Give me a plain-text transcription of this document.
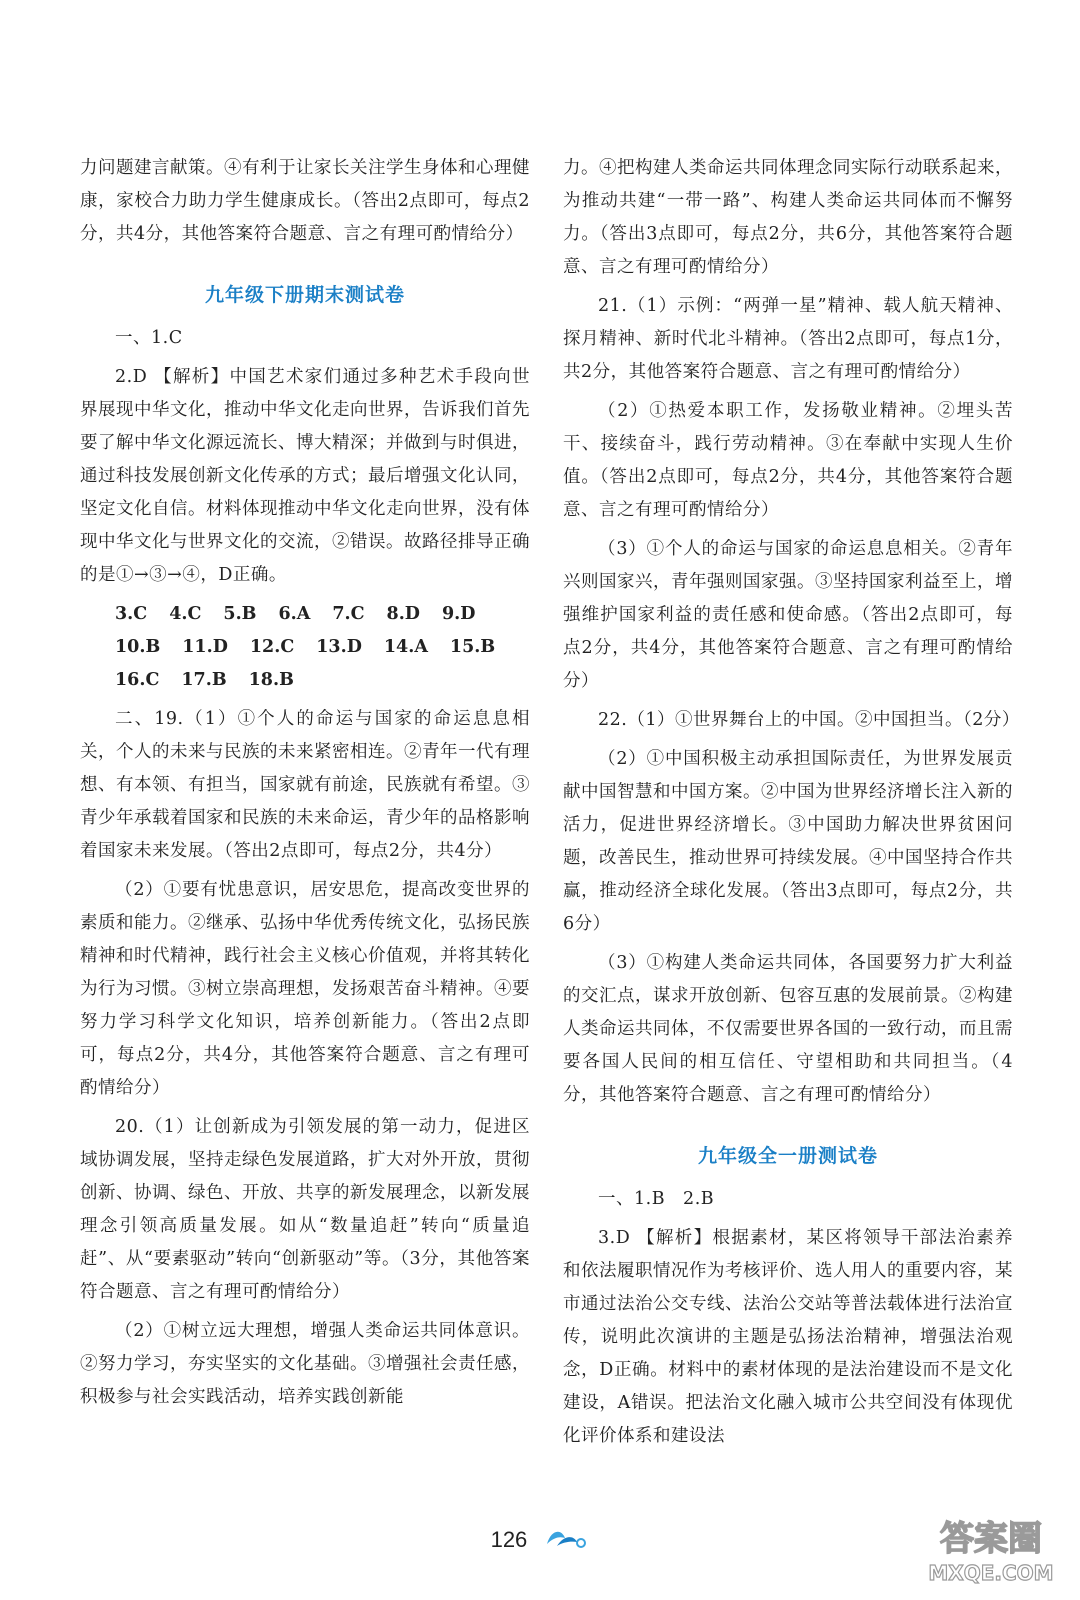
力问题建言献策。④有利于让家长关注学生身体和心理健康，家校合力助力学生健康成长。（答出2点即可，每点2分，共4分，其他答案符合题意、言之有理可酌情给分）

九年级下册期末测试卷

一、1.C

2.D 【解析】中国艺术家们通过多种艺术手段向世界展现中华文化，推动中华文化走向世界，告诉我们首先要了解中华文化源远流长、博大精深；并做到与时俱进，通过科技发展创新文化传承的方式；最后增强文化认同，坚定文化自信。材料体现推动中华文化走向世界，没有体现中华文化与世界文化的交流，②错误。故路径排导正确的是①→③→④，D正确。

3.C 4.C 5.B 6.A 7.C 8.D 9.D
10.B 11.D 12.C 13.D 14.A 15.B
16.C 17.B 18.B

二、19.（1）①个人的命运与国家的命运息息相关，个人的未来与民族的未来紧密相连。②青年一代有理想、有本领、有担当，国家就有前途，民族就有希望。③青少年承载着国家和民族的未来命运，青少年的品格影响着国家未来发展。（答出2点即可，每点2分，共4分）

（2）①要有忧患意识，居安思危，提高改变世界的素质和能力。②继承、弘扬中华优秀传统文化，弘扬民族精神和时代精神，践行社会主义核心价值观，并将其转化为行为习惯。③树立崇高理想，发扬艰苦奋斗精神。④要努力学习科学文化知识，培养创新能力。（答出2点即可，每点2分，共4分，其他答案符合题意、言之有理可酌情给分）

20.（1）让创新成为引领发展的第一动力，促进区域协调发展，坚持走绿色发展道路，扩大对外开放，贯彻创新、协调、绿色、开放、共享的新发展理念，以新发展理念引领高质量发展。如从“数量追赶”转向“质量追赶”、从“要素驱动”转向“创新驱动”等。（3分，其他答案符合题意、言之有理可酌情给分）

（2）①树立远大理想，增强人类命运共同体意识。②努力学习，夯实坚实的文化基础。③增强社会责任感，积极参与社会实践活动，培养实践创新能

力。④把构建人类命运共同体理念同实际行动联系起来，为推动共建“一带一路”、构建人类命运共同体而不懈努力。（答出3点即可，每点2分，共6分，其他答案符合题意、言之有理可酌情给分）

21.（1）示例：“两弹一星”精神、载人航天精神、探月精神、新时代北斗精神。（答出2点即可，每点1分，共2分，其他答案符合题意、言之有理可酌情给分）

（2）①热爱本职工作，发扬敬业精神。②埋头苦干、接续奋斗，践行劳动精神。③在奉献中实现人生价值。（答出2点即可，每点2分，共4分，其他答案符合题意、言之有理可酌情给分）

（3）①个人的命运与国家的命运息息相关。②青年兴则国家兴，青年强则国家强。③坚持国家利益至上，增强维护国家利益的责任感和使命感。（答出2点即可，每点2分，共4分，其他答案符合题意、言之有理可酌情给分）

22.（1）①世界舞台上的中国。②中国担当。（2分）

（2）①中国积极主动承担国际责任，为世界发展贡献中国智慧和中国方案。②中国为世界经济增长注入新的活力，促进世界经济增长。③中国助力解决世界贫困问题，改善民生，推动世界可持续发展。④中国坚持合作共赢，推动经济全球化发展。（答出3点即可，每点2分，共6分）

（3）①构建人类命运共同体，各国要努力扩大利益的交汇点，谋求开放创新、包容互惠的发展前景。②构建人类命运共同体，不仅需要世界各国的一致行动，而且需要各国人民间的相互信任、守望相助和共同担当。（4分，其他答案符合题意、言之有理可酌情给分）

九年级全一册测试卷

一、1.B　2.B

3.D 【解析】根据素材，某区将领导干部法治素养和依法履职情况作为考核评价、选人用人的重要内容，某市通过法治公交专线、法治公交站等普法载体进行法治宣传，说明此次演讲的主题是弘扬法治精神，增强法治观念，D正确。材料中的素材体现的是法治建设而不是文化建设，A错误。把法治文化融入城市公共空间没有体现优化评价体系和建设法

126	答案圈
MXQE.COM
